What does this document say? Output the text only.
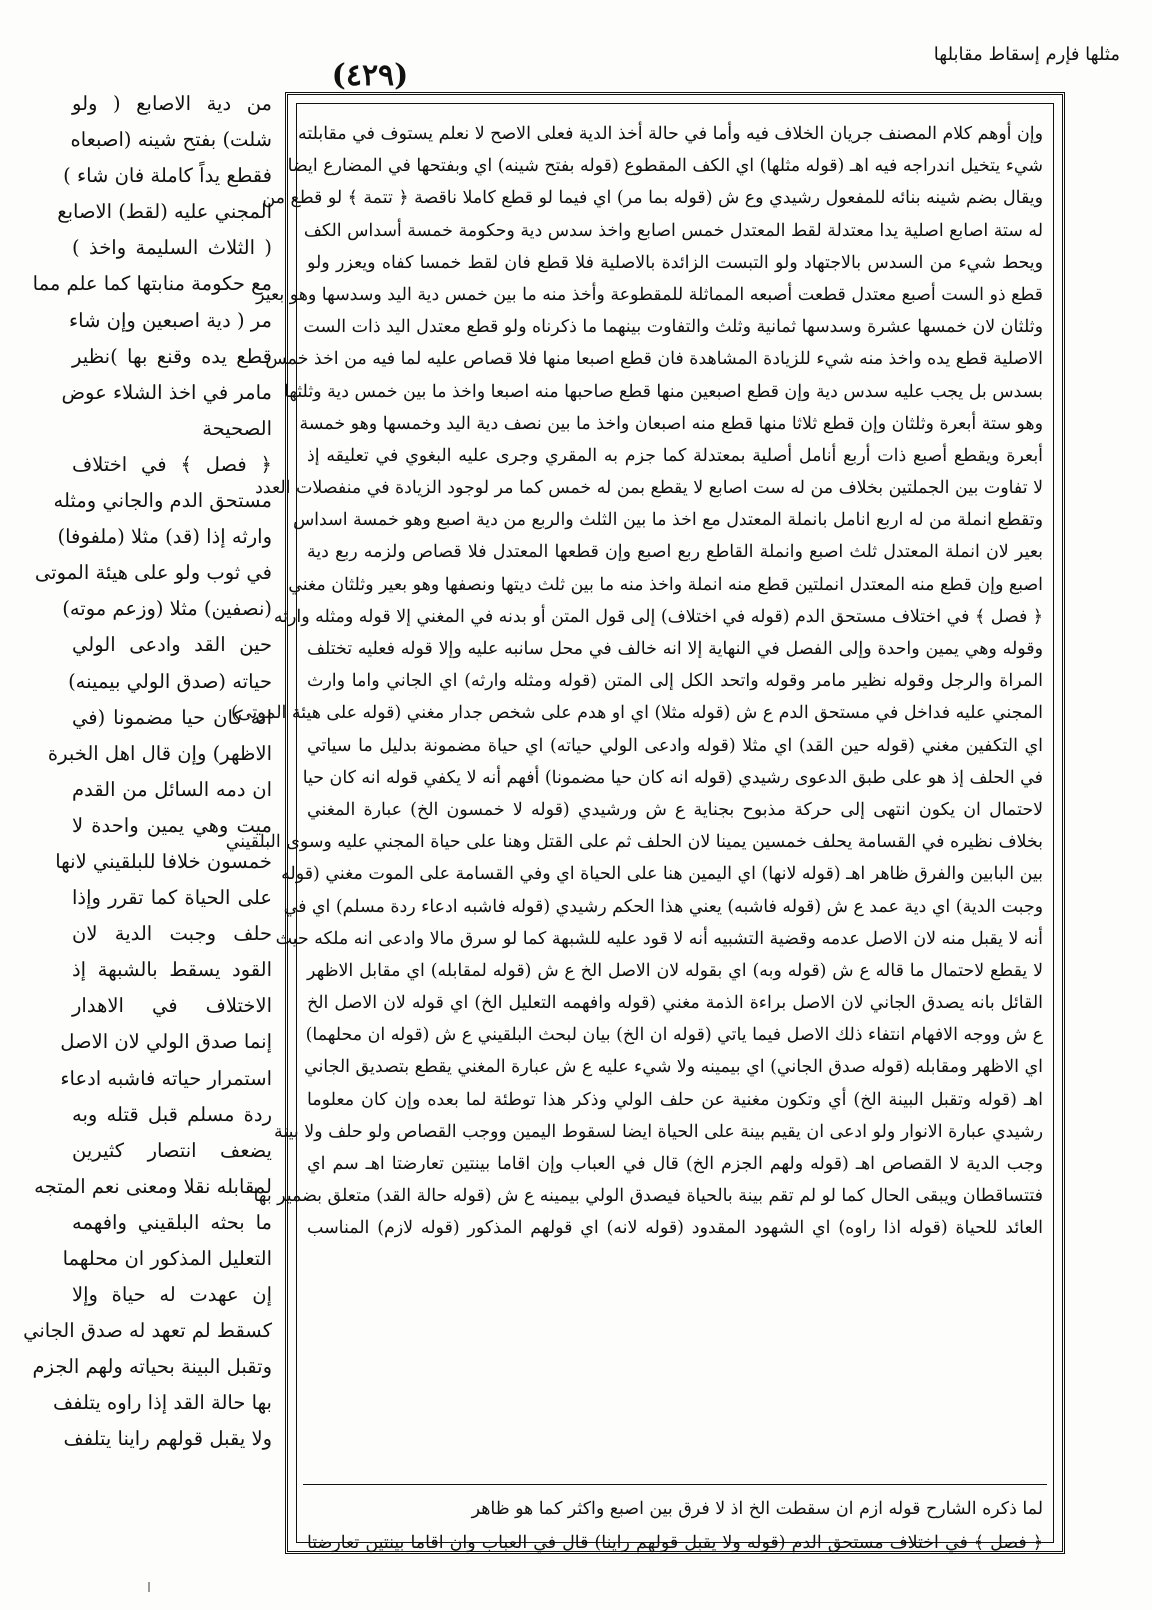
مثلها فإرم إسقاط مقابلها
(٤٢٩)
من دية الاصابع ( ولو
شلت) بفتح شينه (اصبعاه
فقطع يداً كاملة فان شاء )
المجني عليه (لقط) الاصابع
( الثلاث السليمة واخذ )
مع حكومة منابتها كما علم مما
مر ( دية اصبعين وإن شاء
قطع يده وقنع بها )نظير
مامر في اخذ الشلاء عوض
الصحيحة
﴿ فصل ﴾ في اختلاف
مستحق الدم والجاني ومثله
وارثه إذا (قد) مثلا (ملفوفا)
في ثوب ولو على هيئة الموتى
(نصفين) مثلا (وزعم موته)
حين القد وادعى الولي
حياته (صدق الولي بيمينه)
انه كان حيا مضمونا (في
الاظهر) وإن قال اهل الخبرة
ان دمه السائل من القدم
ميت وهي يمين واحدة لا
خمسون خلافا للبلقيني لانها
على الحياة كما تقرر وإذا
حلف وجبت الدية لان
القود يسقط بالشبهة إذ
الاختلاف في الاهدار
إنما صدق الولي لان الاصل
استمرار حياته فاشبه ادعاء
ردة مسلم قبل قتله وبه
يضعف انتصار كثيرين
لمقابله نقلا ومعنى نعم المتجه
ما بحثه البلقيني وافهمه
التعليل المذكور ان محلهما
إن عهدت له حياة وإلا
كسقط لم تعهد له صدق الجاني
وتقبل البينة بحياته ولهم الجزم
بها حالة القد إذا راوه يتلفف
ولا يقبل قولهم راينا يتلفف
وإن أوهم كلام المصنف جريان الخلاف فيه وأما في حالة أخذ الدية فعلى الاصح لا نعلم يستوف في مقابلته
شيء يتخيل اندراجه فيه اهـ (قوله مثلها) اي الكف المقطوع (قوله بفتح شينه) اي وبفتحها في المضارع ايضا
ويقال بضم شينه بنائه للمفعول رشيدي وع ش (قوله بما مر) اي فيما لو قطع كاملا ناقصة ﴿ تتمة ﴾ لو قطع من
له ستة اصابع اصلية يدا معتدلة لقط المعتدل خمس اصابع واخذ سدس دية وحكومة خمسة أسداس الكف
ويحط شيء من السدس بالاجتهاد ولو التبست الزائدة بالاصلية فلا قطع فان لقط خمسا كفاه ويعزر ولو
قطع ذو الست أصبع معتدل قطعت أصبعه المماثلة للمقطوعة وأخذ منه ما بين خمس دية اليد وسدسها وهو بعير
وثلثان لان خمسها عشرة وسدسها ثمانية وثلث والتفاوت بينهما ما ذكرناه ولو قطع معتدل اليد ذات الست
الاصلية قطع يده واخذ منه شيء للزيادة المشاهدة فان قطع اصبعا منها فلا قصاص عليه لما فيه من اخذ خمس
بسدس بل يجب عليه سدس دية وإن قطع اصبعين منها قطع صاحبها منه اصبعا واخذ ما بين خمس دية وثلثها
وهو ستة أبعرة وثلثان وإن قطع ثلاثا منها قطع منه اصبعان واخذ ما بين نصف دية اليد وخمسها وهو خمسة
أبعرة ويقطع أصبع ذات أربع أنامل أصلية بمعتدلة كما جزم به المقري وجرى عليه البغوي في تعليقه إذ
لا تفاوت بين الجملتين بخلاف من له ست اصابع لا يقطع بمن له خمس كما مر لوجود الزيادة في منفصلات العدد
وتقطع انملة من له اربع انامل بانملة المعتدل مع اخذ ما بين الثلث والربع من دية اصبع وهو خمسة اسداس
بعير لان انملة المعتدل ثلث اصبع وانملة القاطع ربع اصبع وإن قطعها المعتدل فلا قصاص ولزمه ربع دية
اصبع وإن قطع منه المعتدل انملتين قطع منه انملة واخذ منه ما بين ثلث ديتها ونصفها وهو بعير وثلثان مغني
﴿ فصل ﴾ في اختلاف مستحق الدم (قوله في اختلاف) إلى قول المتن أو بدنه في المغني إلا قوله ومثله وارثه
وقوله وهي يمين واحدة وإلى الفصل في النهاية إلا انه خالف في محل سانبه عليه وإلا قوله فعليه تختلف
المراة والرجل وقوله نظير مامر وقوله واتحد الكل إلى المتن (قوله ومثله وارثه) اي الجاني واما وارث
المجني عليه فداخل في مستحق الدم ع ش (قوله مثلا) اي او هدم على شخص جدار مغني (قوله على هيئة الموتى)
اي التكفين مغني (قوله حين القد) اي مثلا (قوله وادعى الولي حياته) اي حياة مضمونة بدليل ما سياتي
في الحلف إذ هو على طبق الدعوى رشيدي (قوله انه كان حيا مضمونا) أفهم أنه لا يكفي قوله انه كان حيا
لاحتمال ان يكون انتهى إلى حركة مذبوح بجناية ع ش ورشيدي (قوله لا خمسون الخ) عبارة المغني
بخلاف نظيره في القسامة يحلف خمسين يمينا لان الحلف ثم على القتل وهنا على حياة المجني عليه وسوى البلقيني
بين البابين والفرق ظاهر اهـ (قوله لانها) اي اليمين هنا على الحياة اي وفي القسامة على الموت مغني (قوله
وجبت الدية) اي دية عمد ع ش (قوله فاشبه) يعني هذا الحكم رشيدي (قوله فاشبه ادعاء ردة مسلم) اي في
أنه لا يقبل منه لان الاصل عدمه وقضية التشبيه أنه لا قود عليه للشبهة كما لو سرق مالا وادعى انه ملكه حيث
لا يقطع لاحتمال ما قاله ع ش (قوله وبه) اي بقوله لان الاصل الخ ع ش (قوله لمقابله) اي مقابل الاظهر
القائل بانه يصدق الجاني لان الاصل براءة الذمة مغني (قوله وافهمه التعليل الخ) اي قوله لان الاصل الخ
ع ش ووجه الافهام انتفاء ذلك الاصل فيما ياتي (قوله ان الخ) بيان لبحث البلقيني ع ش (قوله ان محلهما)
اي الاظهر ومقابله (قوله صدق الجاني) اي بيمينه ولا شيء عليه ع ش عبارة المغني يقطع بتصديق الجاني
اهـ (قوله وتقبل البينة الخ) أي وتكون مغنية عن حلف الولي وذكر هذا توطئة لما بعده وإن كان معلوما
رشيدي عبارة الانوار ولو ادعى ان يقيم بينة على الحياة ايضا لسقوط اليمين ووجب القصاص ولو حلف ولا بينة
وجب الدية لا القصاص اهـ (قوله ولهم الجزم الخ) قال في العباب وإن اقاما بينتين تعارضتا اهـ سم اي
فتتساقطان ويبقى الحال كما لو لم تقم بينة بالحياة فيصدق الولي بيمينه ع ش (قوله حالة القد) متعلق بضمير بها
العائد للحياة (قوله اذا راوه) اي الشهود المقدود (قوله لانه) اي قولهم المذكور (قوله لازم) المناسب
لما ذكره الشارح قوله ازم ان سقطت الخ اذ لا فرق بين اصبع واكثر كما هو ظاهر
﴿ فصل ﴾ في اختلاف مستحق الدم (قوله ولا يقبل قولهم راينا) قال في العباب وان اقاما بينتين تعارضتا
